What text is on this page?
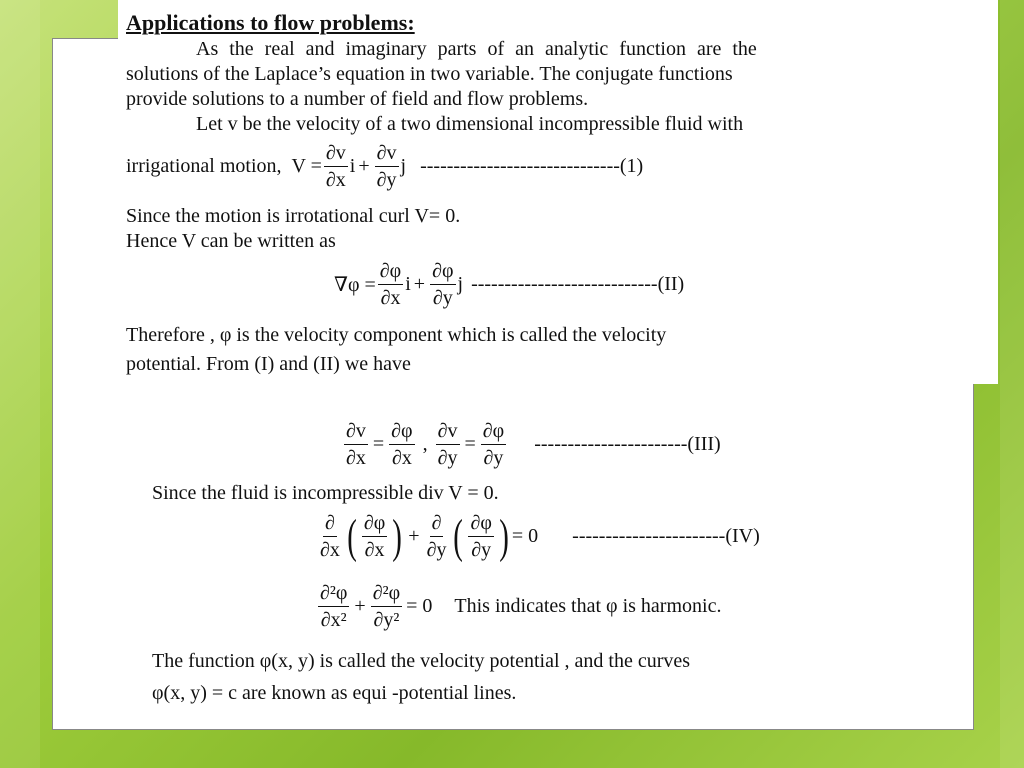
Applications to flow problems:
As the real and imaginary parts of an analytic function are the
solutions of the Laplace’s equation in two variable. The conjugate functions
provide solutions to a number of field and flow problems.
Let v be the velocity of a two dimensional incompressible fluid with
irrigational motion, $V = \frac{\partial v}{\partial x}$ $i + \frac{\partial v}{\partial y}$ j ------------------------------(1)
Since the motion is irrotational curl V= 0.
Hence V can be written as
$\nabla\varphi = \frac{\partial\varphi}{\partial x}$ $i + \frac{\partial\varphi}{\partial y}$ j ----------------------------(II)
Therefore , φ is the velocity component which is called the velocity
potential. From (I) and (II) we have
$\frac{\partial v}{\partial x} = \frac{\partial\varphi}{\partial x}$ , $\frac{\partial v}{\partial y} = \frac{\partial\varphi}{\partial y} -----------------------(III)$
Since the fluid is incompressible div V = 0.
$\frac{\partial}{\partial x}$ ( $\frac{\partial\varphi}{\partial x}$ ) + $\frac{\partial}{\partial y}$ ( $\frac{\partial\varphi}{\partial y}$ ) = 0 -----------------------(IV)
$\frac{\text{∂²φ}}{\text{∂x²}} + \frac{\text{∂²φ}}{\text{∂y²}} = 0$ This indicates that φ is harmonic.
The function φ(x, y) is called the velocity potential , and the curves
φ(x, y) = c are known as equi -potential lines.
